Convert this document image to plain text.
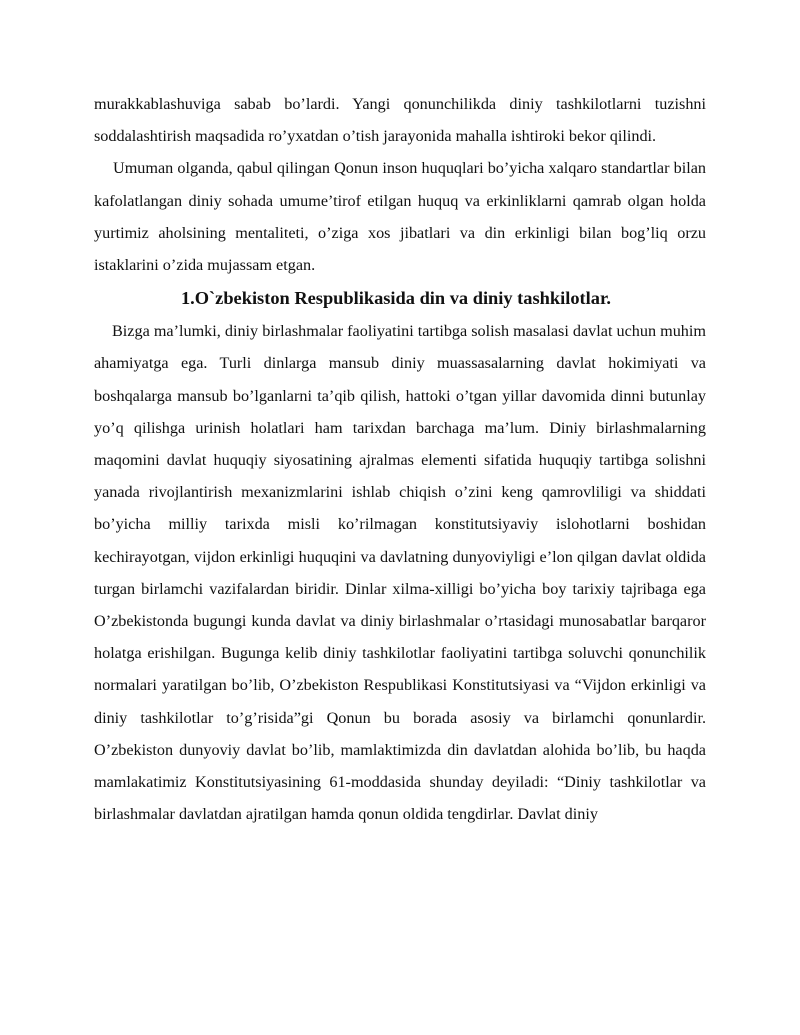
murakkablashuviga sabab bo’lardi. Yangi qonunchilikda diniy tashkilotlarni tuzishni soddalashtirish maqsadida ro’yxatdan o’tish jarayonida mahalla ishtiroki bekor qilindi.

Umuman olganda, qabul qilingan Qonun inson huquqlari bo’yicha xalqaro standartlar bilan kafolatlangan diniy sohada umume’tirof etilgan huquq va erkinliklarni qamrab olgan holda yurtimiz aholsining mentaliteti, o’ziga xos jibatlari va din erkinligi bilan bog’liq orzu istaklarini o’zida mujassam etgan.

1.O`zbekiston Respublikasida din va diniy tashkilotlar.

Bizga ma’lumki, diniy birlashmalar faoliyatini tartibga solish masalasi davlat uchun muhim ahamiyatga ega. Turli dinlarga mansub diniy muassasalarning davlat hokimiyati va boshqalarga mansub bo’lganlarni ta’qib qilish, hattoki o’tgan yillar davomida dinni butunlay yo’q qilishga urinish holatlari ham tarixdan barchaga ma’lum. Diniy birlashmalarning maqomini davlat huquqiy siyosatining ajralmas elementi sifatida huquqiy tartibga solishni yanada rivojlantirish mexanizmlarini ishlab chiqish o’zini keng qamrovliligi va shiddati bo’yicha milliy tarixda misli ko’rilmagan konstitutsiyaviy islohotlarni boshidan kechirayotgan, vijdon erkinligi huquqini va davlatning dunyoviyligi e’lon qilgan davlat oldida turgan birlamchi vazifalardan biridir. Dinlar xilma-xilligi bo’yicha boy tarixiy tajribaga ega O’zbekistonda bugungi kunda davlat va diniy birlashmalar o’rtasidagi munosabatlar barqaror holatga erishilgan. Bugunga kelib diniy tashkilotlar faoliyatini tartibga soluvchi qonunchilik normalari yaratilgan bo’lib, O’zbekiston Respublikasi Konstitutsiyasi va “Vijdon erkinligi va diniy tashkilotlar to’g’risida”gi Qonun bu borada asosiy va birlamchi qonunlardir. O’zbekiston dunyoviy davlat bo’lib, mamlaktimizda din davlatdan alohida bo’lib, bu haqda mamlakatimiz Konstitutsiyasining 61-moddasida shunday deyiladi: “Diniy tashkilotlar va birlashmalar davlatdan ajratilgan hamda qonun oldida tengdirlar. Davlat diniy
